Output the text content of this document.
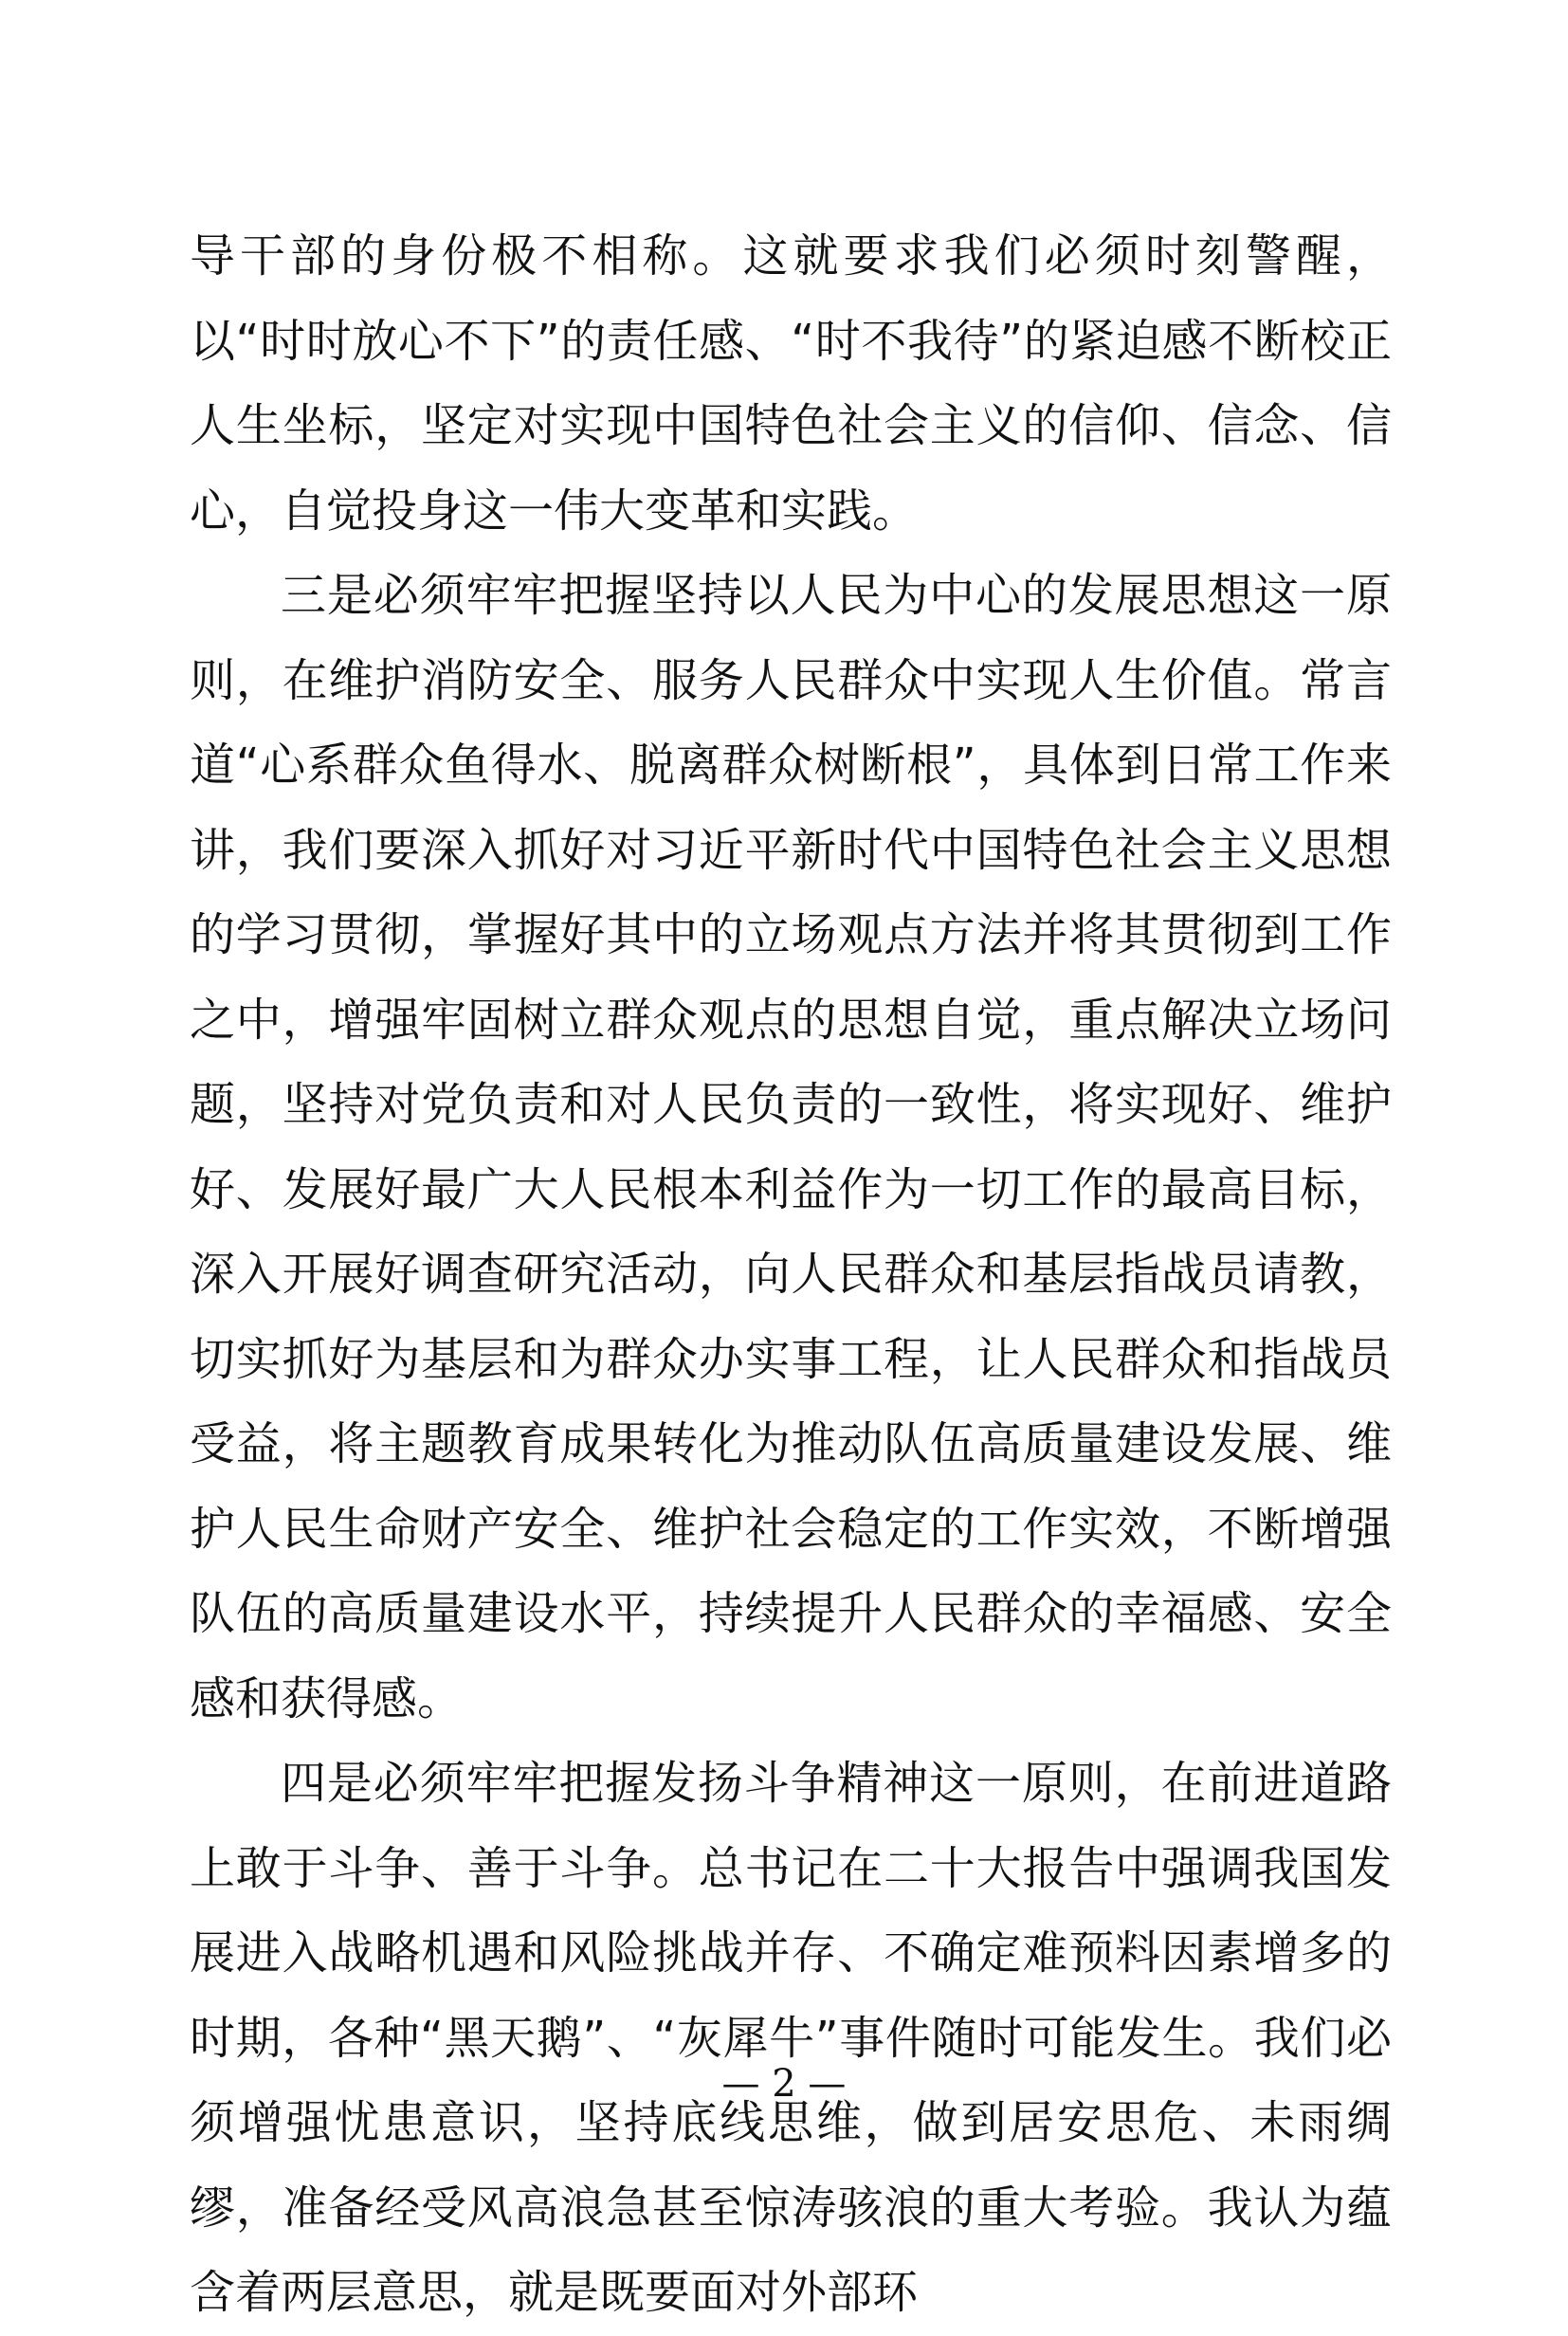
导干部的身份极不相称。这就要求我们必须时刻警醒，以“时时放心不下”的责任感、“时不我待”的紧迫感不断校正人生坐标，坚定对实现中国特色社会主义的信仰、信念、信心，自觉投身这一伟大变革和实践。

三是必须牢牢把握坚持以人民为中心的发展思想这一原则，在维护消防安全、服务人民群众中实现人生价值。常言道“心系群众鱼得水、脱离群众树断根”，具体到日常工作来讲，我们要深入抓好对习近平新时代中国特色社会主义思想的学习贯彻，掌握好其中的立场观点方法并将其贯彻到工作之中，增强牢固树立群众观点的思想自觉，重点解决立场问题，坚持对党负责和对人民负责的一致性，将实现好、维护好、发展好最广大人民根本利益作为一切工作的最高目标，深入开展好调查研究活动，向人民群众和基层指战员请教，切实抓好为基层和为群众办实事工程，让人民群众和指战员受益，将主题教育成果转化为推动队伍高质量建设发展、维护人民生命财产安全、维护社会稳定的工作实效，不断增强队伍的高质量建设水平，持续提升人民群众的幸福感、安全感和获得感。

四是必须牢牢把握发扬斗争精神这一原则，在前进道路上敢于斗争、善于斗争。总书记在二十大报告中强调我国发展进入战略机遇和风险挑战并存、不确定难预料因素增多的时期，各种“黑天鹅”、“灰犀牛”事件随时可能发生。我们必须增强忧患意识，坚持底线思维，做到居安思危、未雨绸缪，准备经受风高浪急甚至惊涛骇浪的重大考验。我认为蕴含着两层意思，就是既要面对外部环

— 2 —
